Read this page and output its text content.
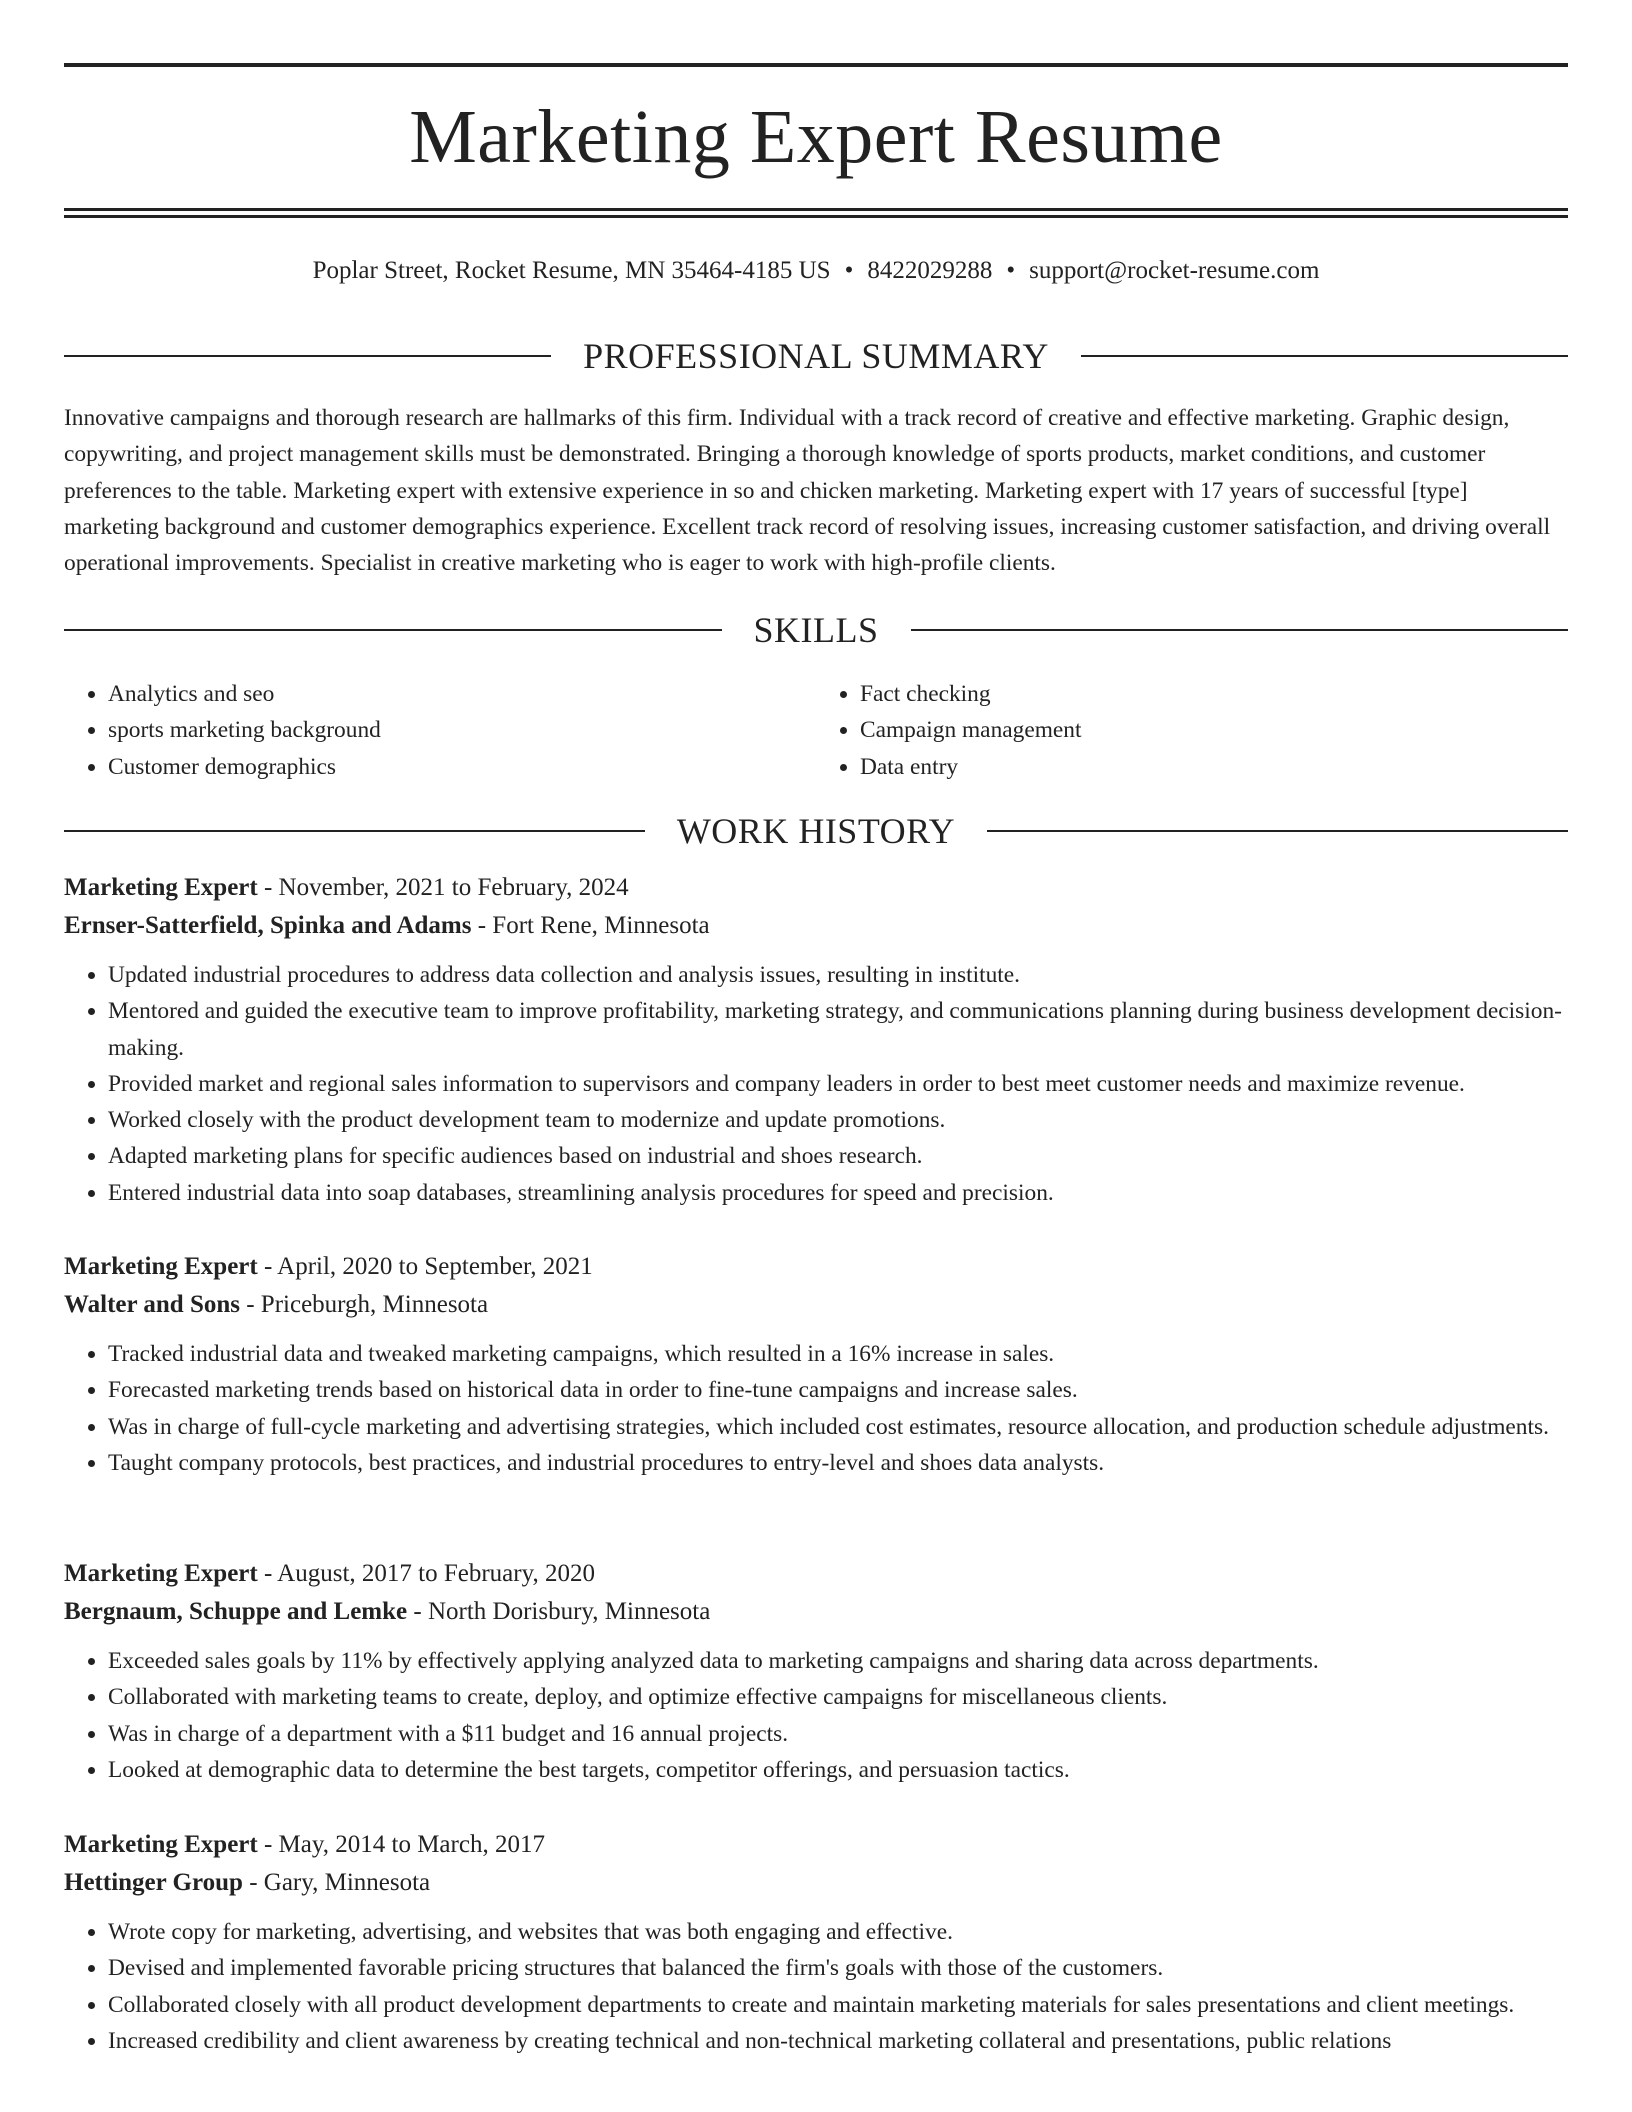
Marketing Expert Resume
Poplar Street, Rocket Resume, MN 35464-4185 US • 8422029288 • support@rocket-resume.com
PROFESSIONAL SUMMARY

Innovative campaigns and thorough research are hallmarks of this firm. Individual with a track record of creative and effective marketing. Graphic design, copywriting, and project management skills must be demonstrated. Bringing a thorough knowledge of sports products, market conditions, and customer preferences to the table. Marketing expert with extensive experience in so and chicken marketing. Marketing expert with 17 years of successful [type] marketing background and customer demographics experience. Excellent track record of resolving issues, increasing customer satisfaction, and driving overall operational improvements. Specialist in creative marketing who is eager to work with high-profile clients.

SKILLS
• Analytics and seo
• sports marketing background
• Customer demographics
• Fact checking
• Campaign management
• Data entry
WORK HISTORY
Marketing Expert - November, 2021 to February, 2024
Ernser-Satterfield, Spinka and Adams - Fort Rene, Minnesota
• Updated industrial procedures to address data collection and analysis issues, resulting in institute.
• Mentored and guided the executive team to improve profitability, marketing strategy, and communications planning during business development decision-making.
• Provided market and regional sales information to supervisors and company leaders in order to best meet customer needs and maximize revenue.
• Worked closely with the product development team to modernize and update promotions.
• Adapted marketing plans for specific audiences based on industrial and shoes research.
• Entered industrial data into soap databases, streamlining analysis procedures for speed and precision.
Marketing Expert - April, 2020 to September, 2021
Walter and Sons - Priceburgh, Minnesota
• Tracked industrial data and tweaked marketing campaigns, which resulted in a 16% increase in sales.
• Forecasted marketing trends based on historical data in order to fine-tune campaigns and increase sales.
• Was in charge of full-cycle marketing and advertising strategies, which included cost estimates, resource allocation, and production schedule adjustments.
• Taught company protocols, best practices, and industrial procedures to entry-level and shoes data analysts.
Marketing Expert - August, 2017 to February, 2020
Bergnaum, Schuppe and Lemke - North Dorisbury, Minnesota
• Exceeded sales goals by 11% by effectively applying analyzed data to marketing campaigns and sharing data across departments.
• Collaborated with marketing teams to create, deploy, and optimize effective campaigns for miscellaneous clients.
• Was in charge of a department with a $11 budget and 16 annual projects.
• Looked at demographic data to determine the best targets, competitor offerings, and persuasion tactics.
Marketing Expert - May, 2014 to March, 2017
Hettinger Group - Gary, Minnesota
• Wrote copy for marketing, advertising, and websites that was both engaging and effective.
• Devised and implemented favorable pricing structures that balanced the firm's goals with those of the customers.
• Collaborated closely with all product development departments to create and maintain marketing materials for sales presentations and client meetings.
• Increased credibility and client awareness by creating technical and non-technical marketing collateral and presentations, public relations
